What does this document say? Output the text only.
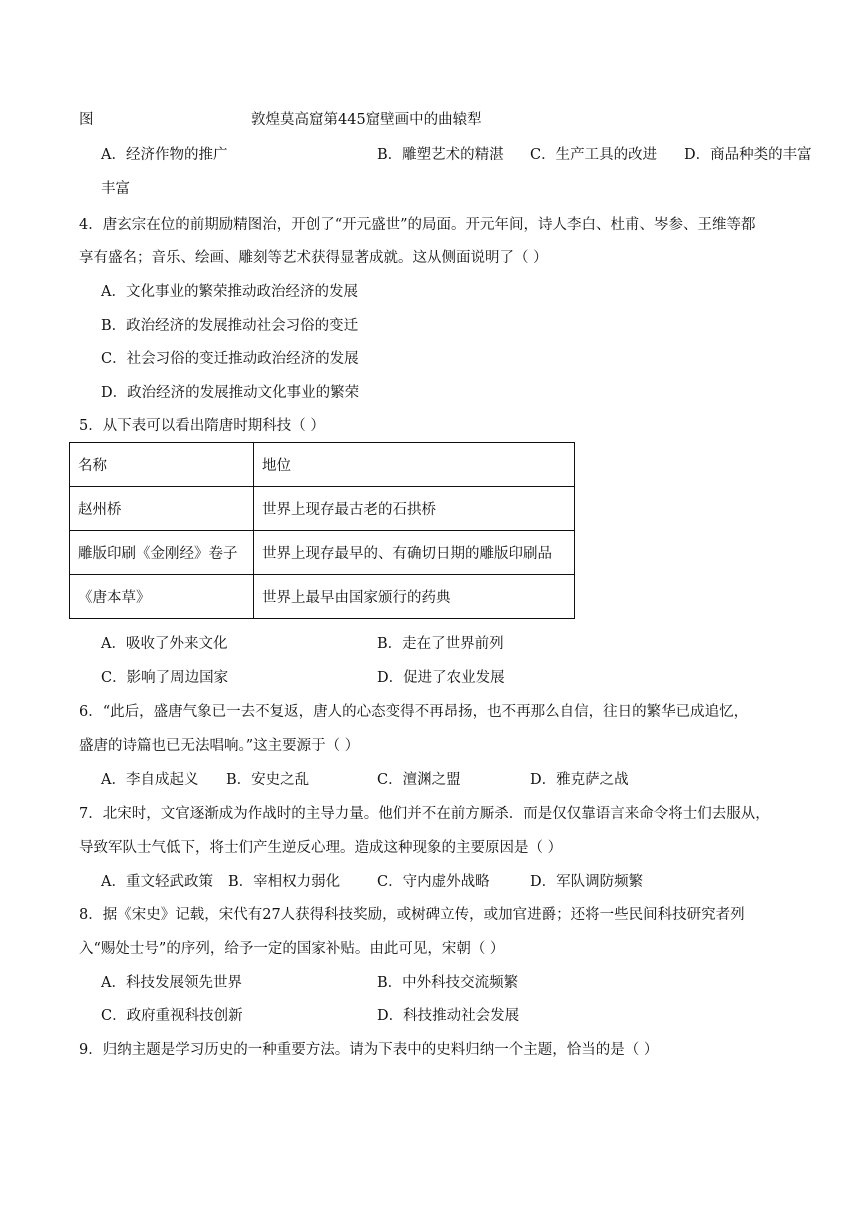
图	敦煌莫高窟第445窟壁画中的曲辕犁
A．经济作物的推广	B．雕塑艺术的精湛 C．生产工具的改进 D．商品种类的丰富
丰富
4．唐玄宗在位的前期励精图治，开创了“开元盛世”的局面。开元年间，诗人李白、杜甫、岑参、王维等都
享有盛名；音乐、绘画、雕刻等艺术获得显著成就。这从侧面说明了（ ）
A．文化事业的繁荣推动政治经济的发展
B．政治经济的发展推动社会习俗的变迁
C．社会习俗的变迁推动政治经济的发展
D．政治经济的发展推动文化事业的繁荣
5．从下表可以看出隋唐时期科技（ ）
名称	地位
赵州桥	世界上现存最古老的石拱桥
雕版印刷《金刚经》卷子	世界上现存最早的、有确切日期的雕版印刷品
《唐本草》	世界上最早由国家颁行的药典
A．吸收了外来文化	B．走在了世界前列
C．影响了周边国家	D．促进了农业发展
6．“此后，盛唐气象已一去不复返，唐人的心态变得不再昂扬，也不再那么自信，往日的繁华已成追忆，
盛唐的诗篇也已无法唱响。”这主要源于（ ）
A．李自成起义 B．安史之乱	C．澶渊之盟	D．雅克萨之战
7．北宋时，文官逐渐成为作战时的主导力量。他们并不在前方厮杀．而是仅仅靠语言来命令将士们去服从，
导致军队士气低下，将士们产生逆反心理。造成这种现象的主要原因是（ ）
A．重文轻武政策 B．宰相权力弱化	C．守内虚外战略	D．军队调防频繁
8．据《宋史》记载，宋代有27人获得科技奖励，或树碑立传，或加官进爵；还将一些民间科技研究者列
入“赐处士号”的序列，给予一定的国家补贴。由此可见，宋朝（ ）
A．科技发展领先世界	B．中外科技交流频繁
C．政府重视科技创新	D．科技推动社会发展
9．归纳主题是学习历史的一种重要方法。请为下表中的史料归纳一个主题，恰当的是（ ）
